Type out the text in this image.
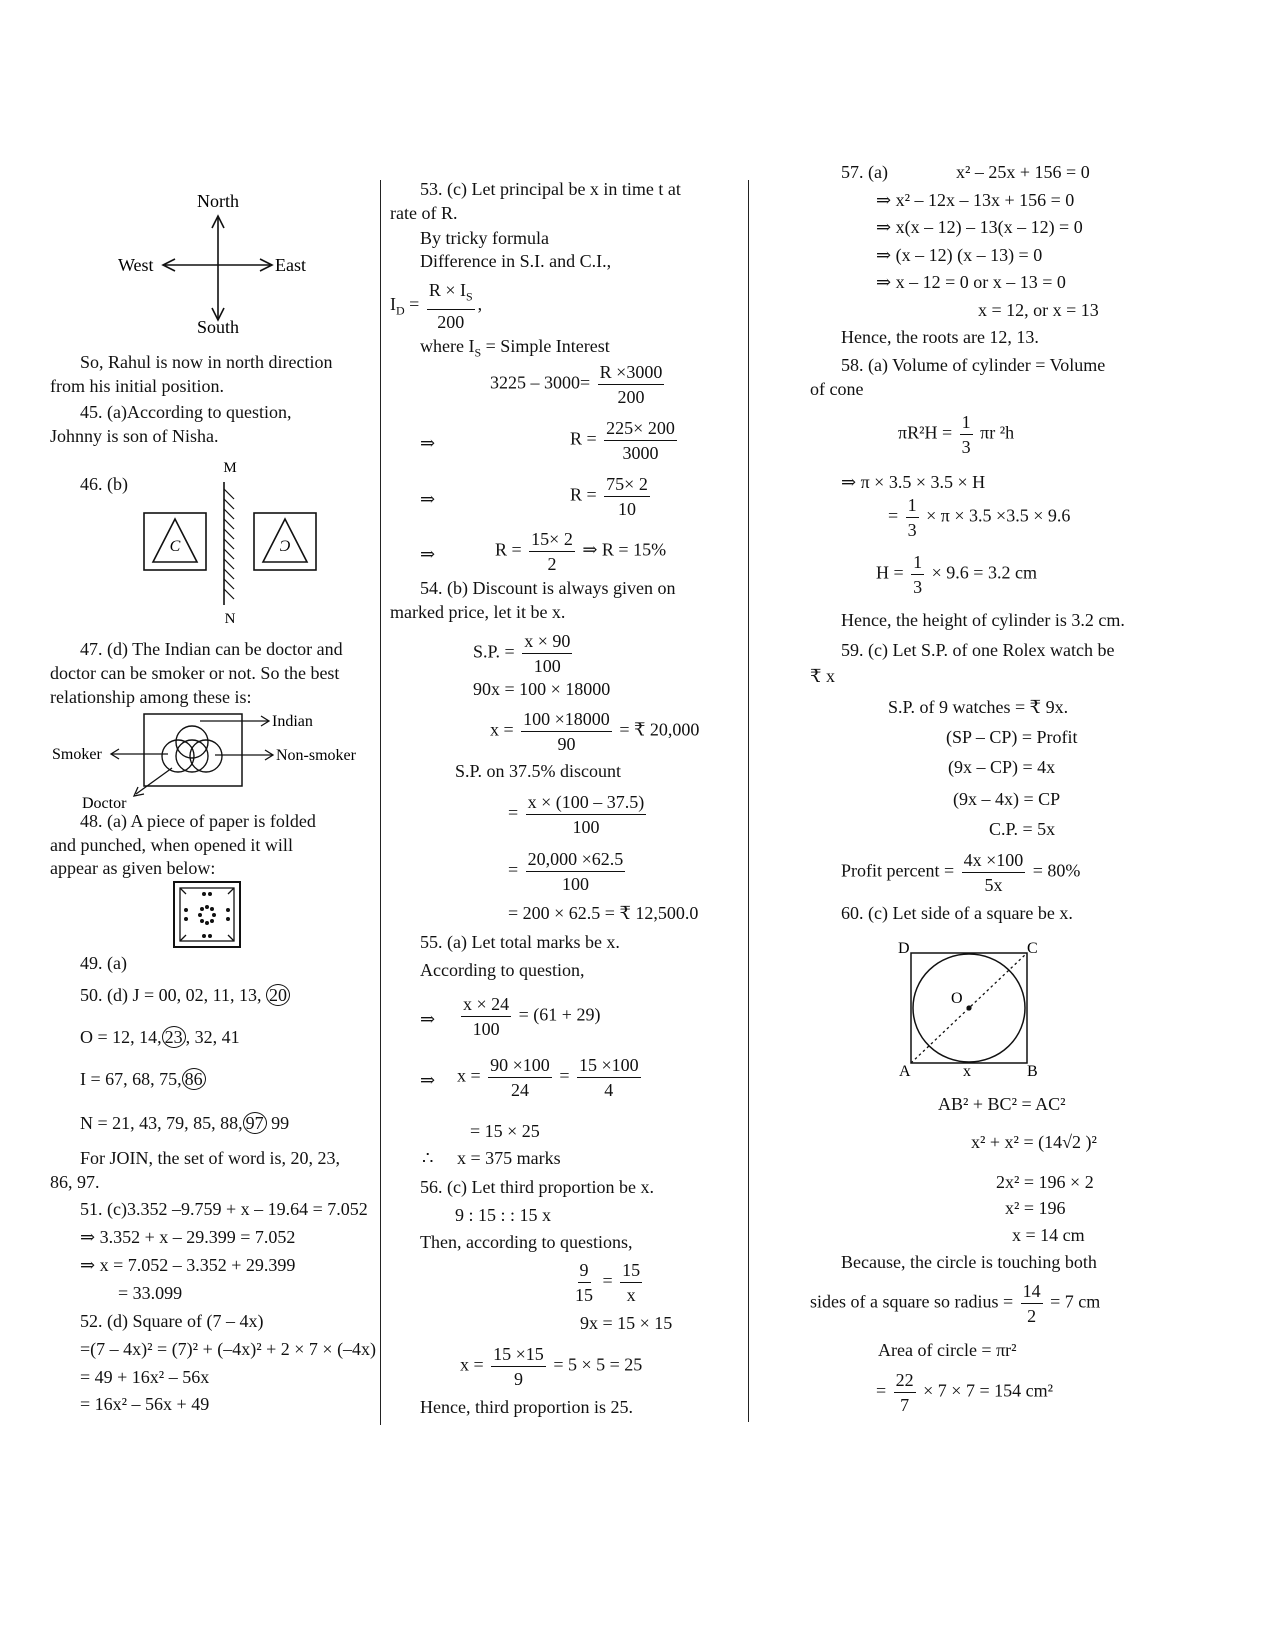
North
South
West	East
So, Rahul is now in north direction
from his initial position.
45. (a)According to question,
Johnny is son of Nisha.
46. (b)
M
N
C	Ɔ
47. (d) The Indian can be doctor and
doctor can be smoker or not. So the best
relationship among these is:
Indian
Non-smoker
Smoker
Doctor
48. (a) A piece of paper is folded
and punched, when opened it will
appear as given below:
49. (a)
50. (d) J = 00, 02, 11, 13, 20
O = 12, 14, 23 , 32, 41
I = 67, 68, 75, 86
N = 21, 43, 79, 85, 88, 97 99
For JOIN, the set of word is, 20, 23,
86, 97.
51. (c)3.352 –9.759 + x – 19.64 = 7.052
⇒ 3.352 + x – 29.399 = 7.052
⇒ x = 7.052 – 3.352 + 29.399
= 33.099
52. (d) Square of (7 – 4x)
=(7 – 4x)² = (7)² + (–4x)² + 2 × 7 × (–4x)
= 49 + 16x² – 56x
= 16x² – 56x + 49
53. (c) Let principal be x in time t at
rate of R.
By tricky formula
Difference in S.I. and C.I.,
$I_D = \frac{R \times I_S}{200}$ ,
where $I_S$ = Simple Interest
$3225 - 3000= \frac{R \times 3000}{200}$
⇒	$R = \frac{225\times 200}{3000}$
⇒	$R = \frac{75\times 2}{10}$
⇒	$R = \frac{15\times 2}{2}$ ⇒ R = 15%
54. (b) Discount is always given on
marked price, let it be x.
S.P. = $\frac{x \times 90}{100}$
90x = 100 × 18000
$x = \frac{100 \times 18000}{90}$ = ₹ 20,000
S.P. on 37.5% discount
= $\frac{x \times (100 - 37.5)}{100}$
= $\frac{20,000 \times 62.5}{100}$
= 200 × 62.5 = ₹ 12,500.0
55. (a) Let total marks be x.
According to question,
⇒ $\frac{x \times 24}{100} = (61 + 29)$
⇒ $x = \frac{90 \times 100}{24} = \frac{15 \times 100}{4}$
= 15 × 25
∴ x = 375 marks
56. (c) Let third proportion be x.
9 : 15 : : 15 x
Then, according to questions,
$\frac{9}{15} = \frac{15}{x}$
9x = 15 × 15
$x = \frac{15 \times 15}{9} = 5 \times 5 = 25$
Hence, third proportion is 25.
57. (a)	x² – 25x + 156 = 0
⇒ x² – 12x – 13x + 156 = 0
⇒ x(x – 12) – 13(x – 12) = 0
⇒ (x – 12) (x – 13) = 0
⇒ x – 12 = 0 or x – 13 = 0
x = 12, or x = 13
Hence, the roots are 12, 13.
58. (a) Volume of cylinder = Volume
of cone
$\pi R^2H = \frac{1}{3}$ πr ²h
⇒ π × 3.5 × 3.5 × H
= $\frac{1}{3} \times \pi \times 3.5 \times 3.5 \times 9.6$
$H = \frac{1}{3} \times 9.6 = 3.2$ cm
Hence, the height of cylinder is 3.2 cm.
59. (c) Let S.P. of one Rolex watch be
₹ x
S.P. of 9 watches = ₹ 9x.
(SP – CP) = Profit
(9x – CP) = 4x
(9x – 4x) = CP
C.P. = 5x
Profit percent = $\frac{4x \times 100}{5x} = 80\%$
60. (c) Let side of a square be x.
D	C
A	B
x
O
AB² + BC² = AC²
x² + x² = (14√2 )²
2x² = 196 × 2
x² = 196
x = 14 cm
Because, the circle is touching both
sides of a square so radius = $\frac{14}{2} = 7$ cm
Area of circle = πr²
= $\frac{22}{7} \times 7 \times 7 = 154$ cm²
